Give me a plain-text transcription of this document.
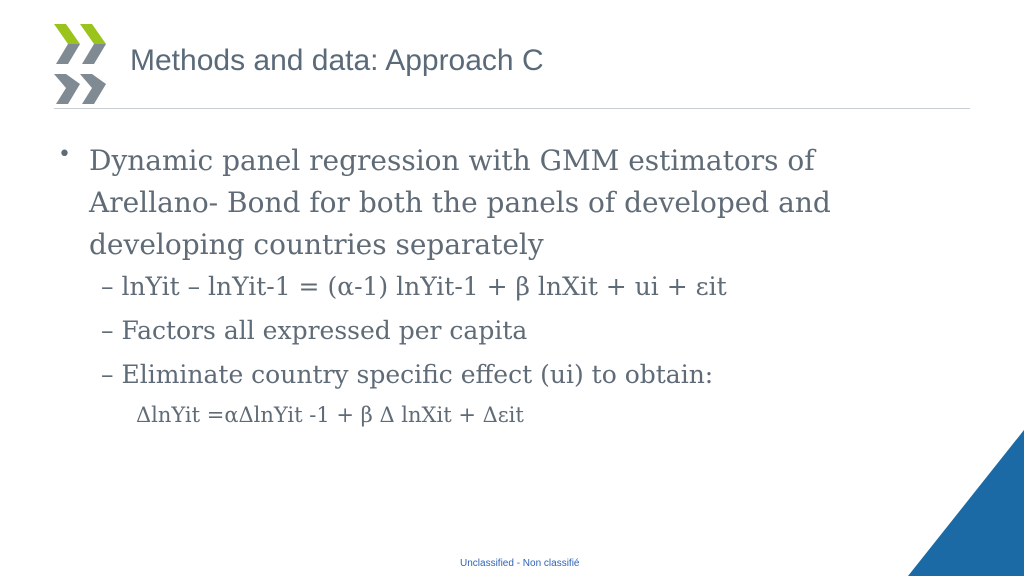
Methods and data: Approach C
• Dynamic panel regression with GMM estimators of
Arellano- Bond for both the panels of developed and
developing countries separately
– lnYit – lnYit-1 = (α-1) lnYit-1 + β lnXit + ui + εit
– Factors all expressed per capita
– Eliminate country specific effect (ui) to obtain:
ΔlnYit =αΔlnYit -1 + β Δ lnXit + Δεit
Unclassified - Non classifié
